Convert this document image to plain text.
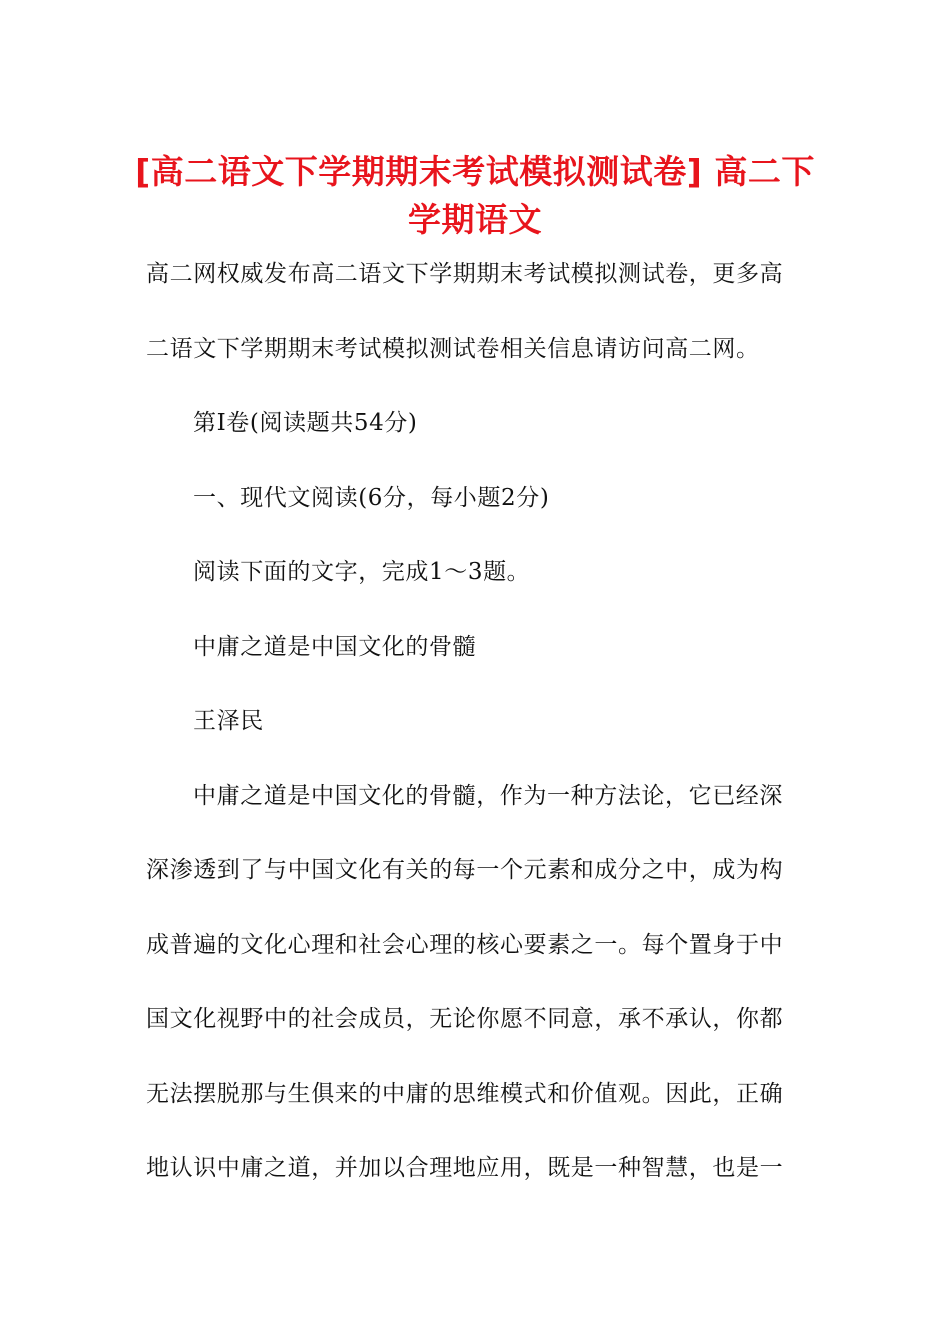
[高二语文下学期期末考试模拟测试卷] 高二下学期语文
高二网权威发布高二语文下学期期末考试模拟测试卷，更多高
二语文下学期期末考试模拟测试卷相关信息请访问高二网。
第Ⅰ卷(阅读题共54分)
一、现代文阅读(6分，每小题2分)
阅读下面的文字，完成1～3题。
中庸之道是中国文化的骨髓
王泽民
中庸之道是中国文化的骨髓，作为一种方法论，它已经深
深渗透到了与中国文化有关的每一个元素和成分之中，成为构
成普遍的文化心理和社会心理的核心要素之一。每个置身于中
国文化视野中的社会成员，无论你愿不同意，承不承认，你都
无法摆脱那与生俱来的中庸的思维模式和价值观。因此，正确
地认识中庸之道，并加以合理地应用，既是一种智慧，也是一
